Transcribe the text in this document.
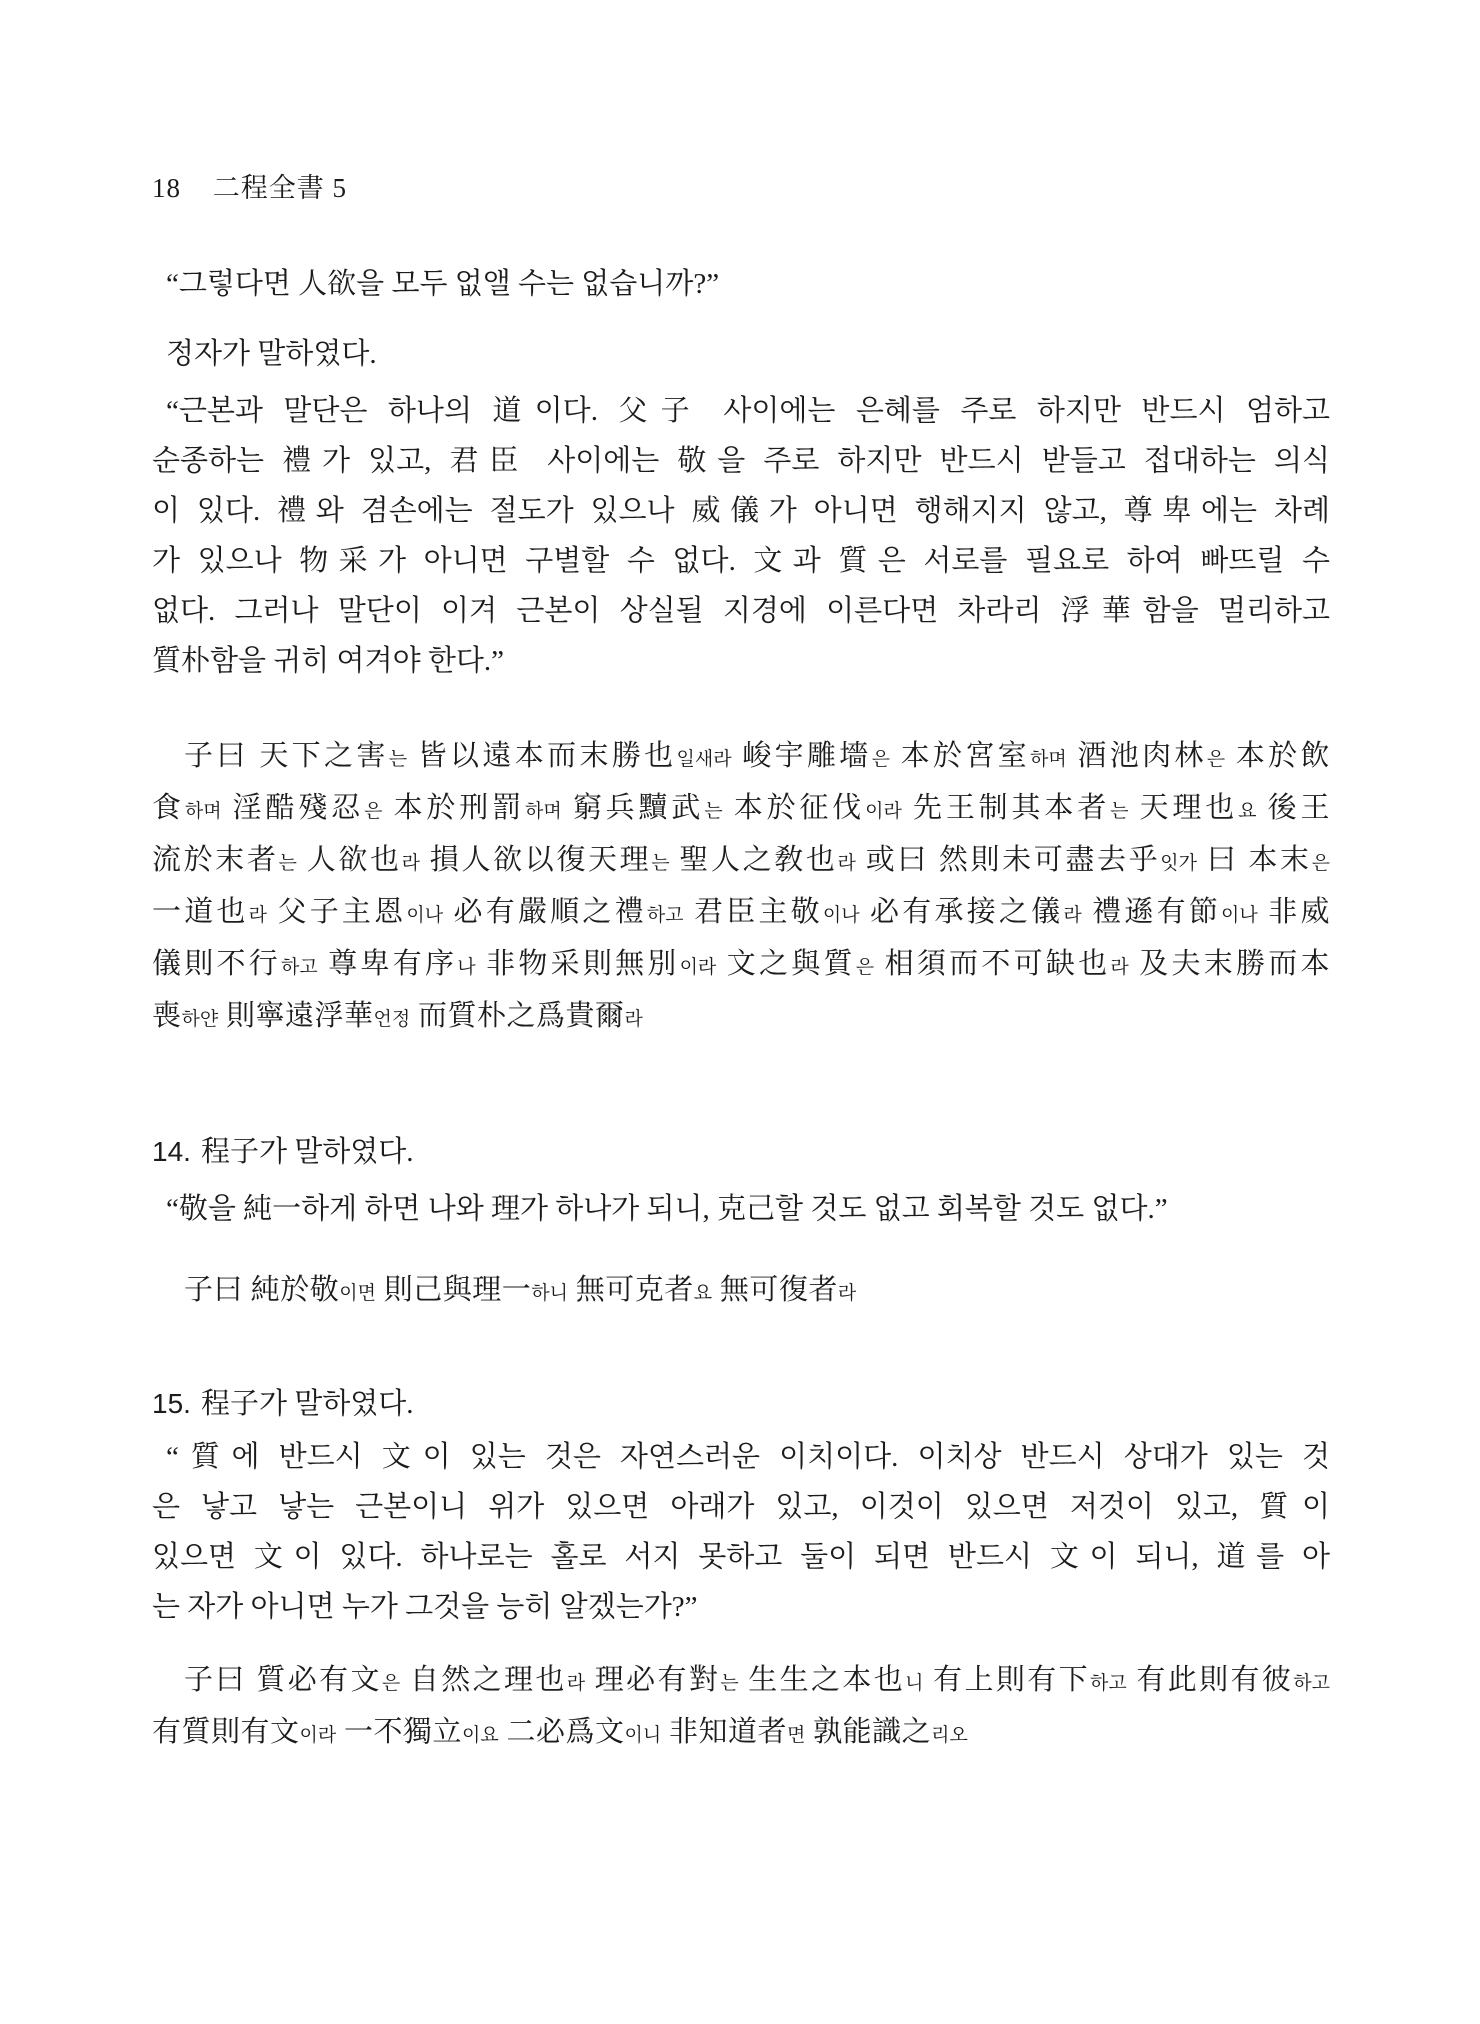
18 二程全書 5

“그렇다면 人欲을 모두 없앨 수는 없습니까?”

정자가 말하였다.

“근본과 말단은 하나의 道이다. 父子 사이에는 은혜를 주로 하지만 반드시 엄하고
순종하는 禮가 있고, 君臣 사이에는 敬을 주로 하지만 반드시 받들고 접대하는 의식
이 있다. 禮와 겸손에는 절도가 있으나 威儀가 아니면 행해지지 않고, 尊卑에는 차례
가 있으나 物采가 아니면 구별할 수 없다. 文과 質은 서로를 필요로 하여 빠뜨릴 수
없다. 그러나 말단이 이겨 근본이 상실될 지경에 이른다면 차라리 浮華함을 멀리하고
質朴함을 귀히 여겨야 한다.”
子曰 天下之害는 皆以遠本而末勝也일새라 峻宇雕墻은 本於宮室하며 酒池肉林은 本於飲
食하며 淫酷殘忍은 本於刑罰하며 窮兵黷武는 本於征伐이라 先王制其本者는 天理也요 後王
流於末者는 人欲也라 損人欲以復天理는 聖人之敎也라 或曰 然則未可盡去乎잇가 曰 本末은
一道也라 父子主恩이나 必有嚴順之禮하고 君臣主敬이나 必有承接之儀라 禮遜有節이나 非威
儀則不行하고 尊卑有序나 非物采則無別이라 文之與質은 相須而不可缺也라 及夫末勝而本
喪하얀 則寧遠浮華언정 而質朴之爲貴爾라
14. 程子가 말하였다.
“敬을 純一하게 하면 나와 理가 하나가 되니, 克己할 것도 없고 회복할 것도 없다.”
子曰 純於敬이면 則己與理一하니 無可克者요 無可復者라
15. 程子가 말하였다.
“質에 반드시 文이 있는 것은 자연스러운 이치이다. 이치상 반드시 상대가 있는 것
은 낳고 낳는 근본이니 위가 있으면 아래가 있고, 이것이 있으면 저것이 있고, 質이
있으면 文이 있다. 하나로는 홀로 서지 못하고 둘이 되면 반드시 文이 되니, 道를 아
는 자가 아니면 누가 그것을 능히 알겠는가?”
子曰 質必有文은 自然之理也라 理必有對는 生生之本也니 有上則有下하고 有此則有彼하고
有質則有文이라 一不獨立이요 二必爲文이니 非知道者면 孰能識之리오
